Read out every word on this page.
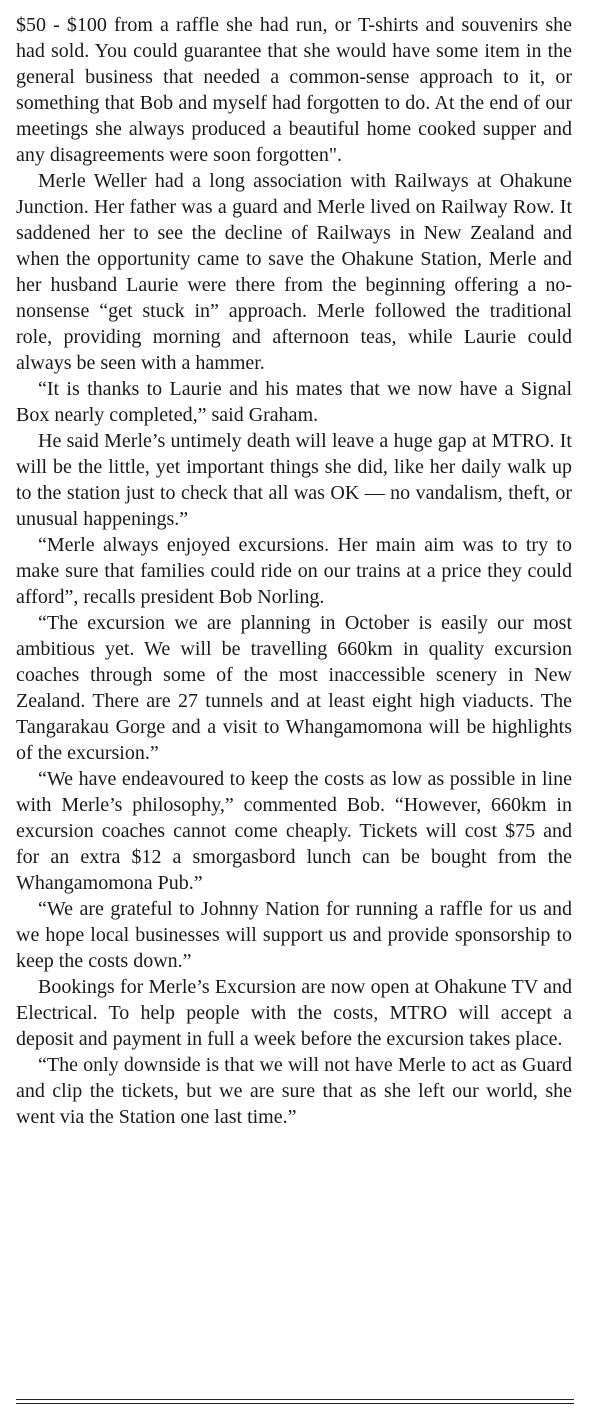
$50 - $100 from a raffle she had run, or T-shirts and souvenirs she had sold. You could guarantee that she would have some item in the general business that needed a common-sense approach to it, or something that Bob and myself had forgotten to do. At the end of our meetings she always produced a beautiful home cooked supper and any disagreements were soon forgotten".

Merle Weller had a long association with Railways at Ohakune Junction. Her father was a guard and Merle lived on Railway Row. It saddened her to see the decline of Railways in New Zealand and when the opportunity came to save the Ohakune Station, Merle and her husband Laurie were there from the beginning offering a no-nonsense “get stuck in” approach. Merle followed the traditional role, providing morning and afternoon teas, while Laurie could always be seen with a hammer.

“It is thanks to Laurie and his mates that we now have a Signal Box nearly completed,” said Graham.

He said Merle’s untimely death will leave a huge gap at MTRO. It will be the little, yet important things she did, like her daily walk up to the station just to check that all was OK — no vandalism, theft, or unusual happenings.”

“Merle always enjoyed excursions. Her main aim was to try to make sure that families could ride on our trains at a price they could afford”, recalls president Bob Norling.

“The excursion we are planning in October is easily our most ambitious yet. We will be travelling 660km in quality excursion coaches through some of the most inaccessible scenery in New Zealand. There are 27 tunnels and at least eight high viaducts. The Tangarakau Gorge and a visit to Whangamomona will be highlights of the excursion.”

“We have endeavoured to keep the costs as low as possible in line with Merle’s philosophy,” commented Bob. “However, 660km in excursion coaches cannot come cheaply. Tickets will cost $75 and for an extra $12 a smorgasbord lunch can be bought from the Whangamomona Pub.”

“We are grateful to Johnny Nation for running a raffle for us and we hope local businesses will support us and provide sponsorship to keep the costs down.”

Bookings for Merle’s Excursion are now open at Ohakune TV and Electrical. To help people with the costs, MTRO will accept a deposit and payment in full a week before the excursion takes place.

“The only downside is that we will not have Merle to act as Guard and clip the tickets, but we are sure that as she left our world, she went via the Station one last time.”
